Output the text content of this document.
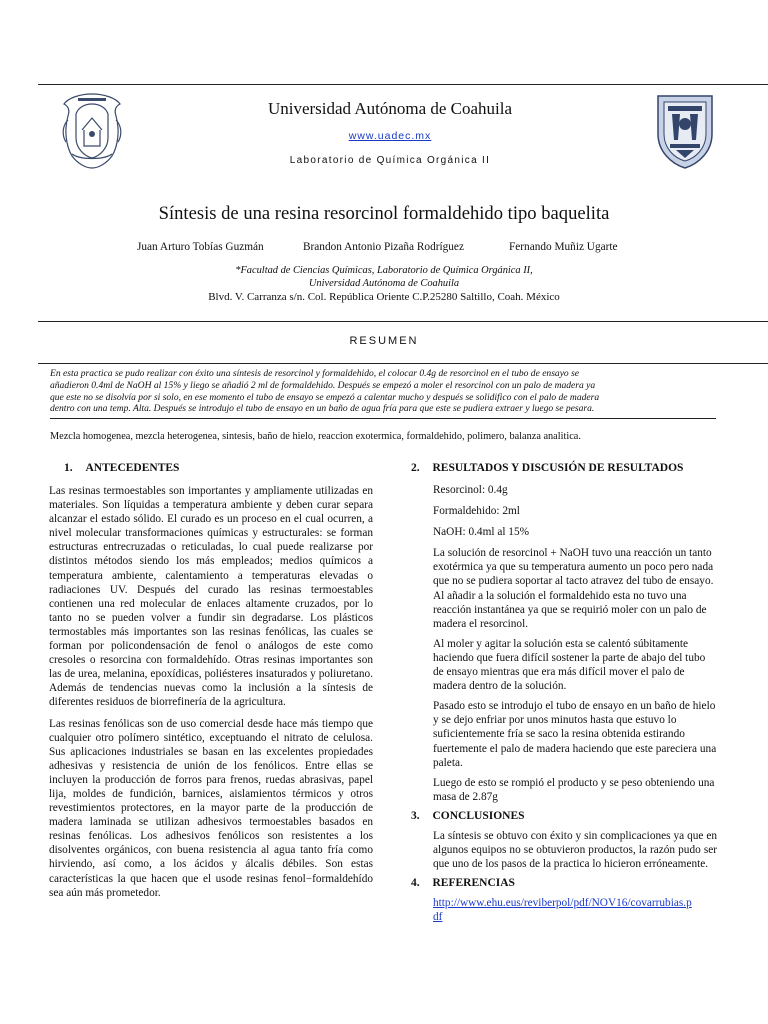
Universidad Autónoma de Coahuila
www.uadec.mx
Laboratorio de Química Orgánica II
Síntesis de una resina resorcinol formaldehido tipo baquelita
Juan Arturo Tobías Guzmán	Brandon Antonio Pizaña Rodríguez	Fernando Muñiz Ugarte
*Facultad de Ciencias Químicas, Laboratorio de Química Orgánica II,
Universidad Autónoma de Coahuila
Blvd. V. Carranza s/n. Col. República Oriente C.P.25280 Saltillo, Coah. México
RESUMEN
En esta practica se pudo realizar con éxito una síntesis de resorcinol y formaldehido, el colocar 0.4g de resorcinol en el tubo de ensayo se
añadieron 0.4ml de NaOH al 15% y liego se añadió 2 ml de formaldehido. Después se empezó a moler el resorcinol con un palo de madera ya
que este no se disolvía por si solo, en ese momento el tubo de ensayo se empezó a calentar mucho y después se solidifico con el palo de madera
dentro con una temp. Alta. Después se introdujo el tubo de ensayo en un baño de agua fría para que este se pudiera extraer y luego se pesara.
Mezcla homogenea, mezcla heterogenea, sintesis, baño de hielo, reaccion exotermica, formaldehido, polimero, balanza analitica.
1. ANTECEDENTES

Las resinas termoestables son importantes y ampliamente utilizadas en materiales. Son líquidas a temperatura ambiente y deben curar separa alcanzar el estado sólido. El curado es un proceso en el cual ocurren, a nivel molecular transformaciones químicas y estructurales: se forman estructuras entrecruzadas o reticuladas, lo cual puede realizarse por distintos métodos siendo los más empleados; medios químicos a temperatura ambiente, calentamiento a temperaturas elevadas o radiaciones UV. Después del curado las resinas termoestables contienen una red molecular de enlaces altamente cruzados, por lo tanto no se pueden volver a fundir sin degradarse. Los plásticos termostables más importantes son las resinas fenólicas, las cuales se forman por policondensación de fenol o análogos de este como cresoles o resorcina con formaldehído. Otras resinas importantes son las de urea, melanina, epoxídicas, poliésteres insaturados y poliuretano. Además de tendencias nuevas como la inclusión a la síntesis de diferentes residuos de biorrefinería de la agricultura.

Las resinas fenólicas son de uso comercial desde hace más tiempo que cualquier otro polímero sintético, exceptuando el nitrato de celulosa. Sus aplicaciones industriales se basan en las excelentes propiedades adhesivas y resistencia de unión de los fenólicos. Entre ellas se incluyen la producción de forros para frenos, ruedas abrasivas, papel lija, moldes de fundición, barnices, aislamientos térmicos y otros revestimientos protectores, en la mayor parte de la producción de madera laminada se utilizan adhesivos termoestables basados en resinas fenólicas. Los adhesivos fenólicos son resistentes a los disolventes orgánicos, con buena resistencia al agua tanto fría como hirviendo, así como, a los ácidos y álcalis débiles. Son estas características la que hacen que el usode resinas fenol−formaldehído sea aún más prometedor.

2. RESULTADOS Y DISCUSIÓN DE RESULTADOS

Resorcinol: 0.4g

Formaldehido: 2ml

NaOH: 0.4ml al 15%

La solución de resorcinol + NaOH tuvo una reacción un tanto exotérmica ya que su temperatura aumento un poco pero nada que no se pudiera soportar al tacto atravez del tubo de ensayo.

Al añadir a la solución el formaldehido esta no tuvo una reacción instantánea ya que se requirió moler con un palo de madera el resorcinol.

Al moler y agitar la solución esta se calentó súbitamente haciendo que fuera difícil sostener la parte de abajo del tubo de ensayo mientras que era más difícil mover el palo de madera dentro de la solución.

Pasado esto se introdujo el tubo de ensayo en un baño de hielo y se dejo enfriar por unos minutos hasta que estuvo lo suficientemente fría se saco la resina obtenida estirando fuertemente el palo de madera haciendo que este pareciera una paleta.

Luego de esto se rompió el producto y se peso obteniendo una masa de 2.87g

3. CONCLUSIONES

La síntesis se obtuvo con éxito y sin complicaciones ya que en algunos equipos no se obtuvieron productos, la razón pudo ser que uno de los pasos de la practica lo hicieron erróneamente.

4. REFERENCIAS
http://www.ehu.eus/reviberpol/pdf/NOV16/covarrubias.p
df
